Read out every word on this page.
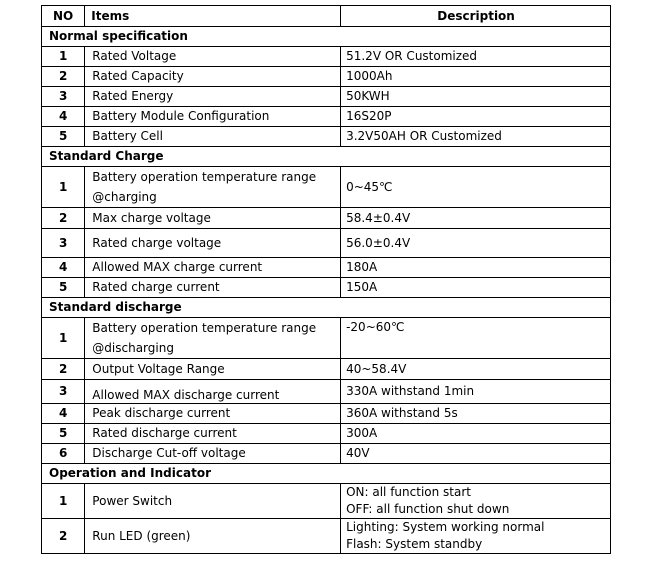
NO	Items	Description
Normal specification		
1	Rated Voltage	51.2V OR Customized
2	Rated Capacity	1000Ah
3	Rated Energy	50KWH
4	Battery Module Configuration	16S20P
5	Battery Cell	3.2V50AH OR Customized
Standard Charge		
1	Battery operation temperature range @charging	0~45℃
2	Max charge voltage	58.4±0.4V
3	Rated charge voltage	56.0±0.4V
4	Allowed MAX charge current	180A
5	Rated charge current	150A
Standard discharge		
1	Battery operation temperature range @discharging	-20~60℃
2	Output Voltage Range	40~58.4V
3	Allowed MAX discharge current	330A withstand 1min
4	Peak discharge current	360A withstand 5s
5	Rated discharge current	300A
6	Discharge Cut-off voltage	40V
Operation and Indicator		
1	Power Switch	ON: all function start
OFF: all function shut down

2	Run LED (green)	Lighting: System working normal
Flash: System standby
